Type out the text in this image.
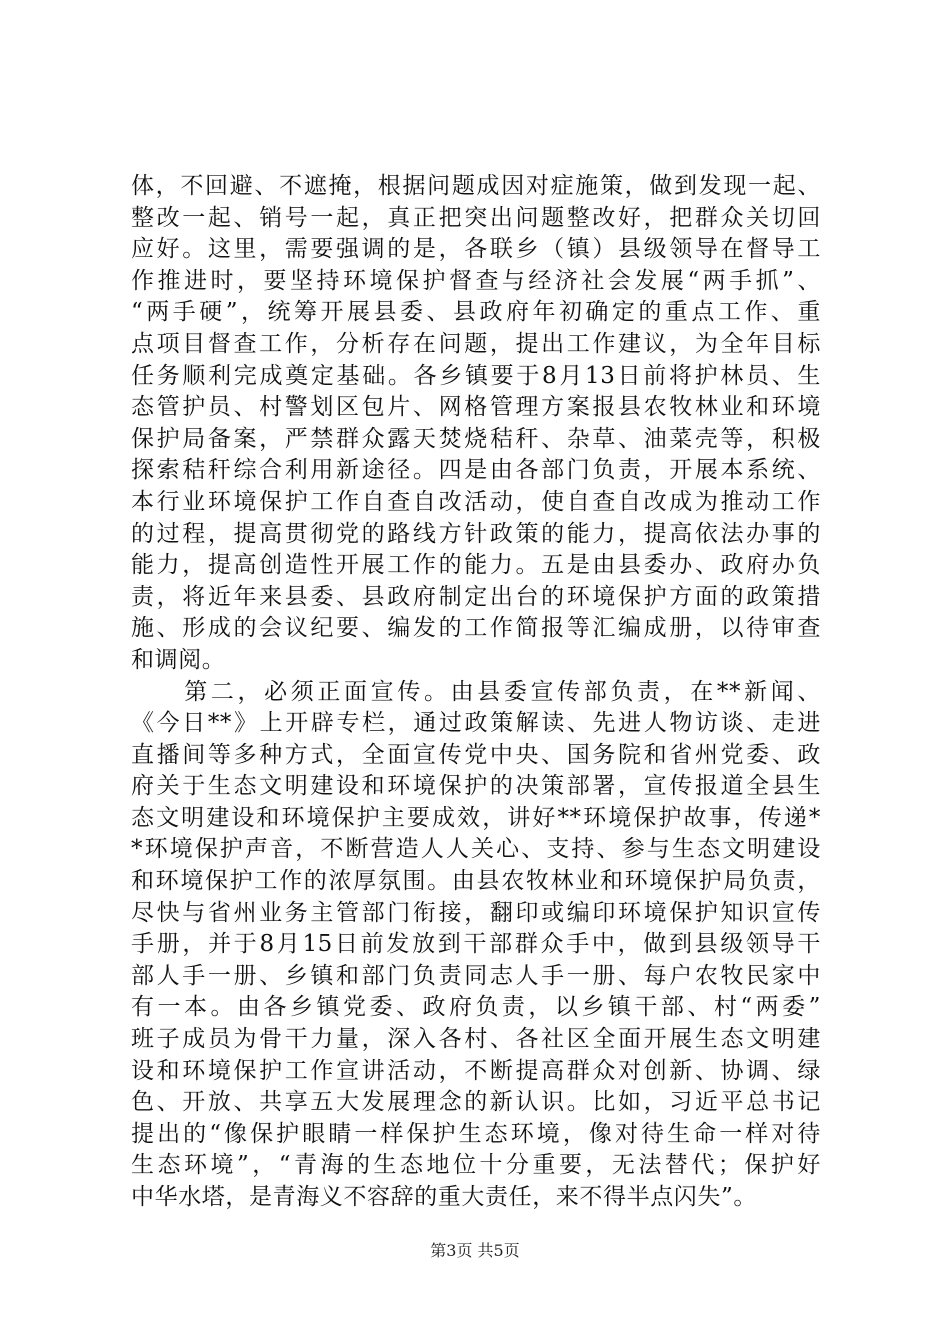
体，不回避、不遮掩，根据问题成因对症施策，做到发现一起、
整改一起、销号一起，真正把突出问题整改好，把群众关切回
应好。这里，需要强调的是，各联乡（镇）县级领导在督导工
作推进时，要坚持环境保护督查与经济社会发展“两手抓”、
“两手硬”，统筹开展县委、县政府年初确定的重点工作、重
点项目督查工作，分析存在问题，提出工作建议，为全年目标
任务顺利完成奠定基础。各乡镇要于8月13日前将护林员、生
态管护员、村警划区包片、网格管理方案报县农牧林业和环境
保护局备案，严禁群众露天焚烧秸秆、杂草、油菜壳等，积极
探索秸秆综合利用新途径。四是由各部门负责，开展本系统、
本行业环境保护工作自查自改活动，使自查自改成为推动工作
的过程，提高贯彻党的路线方针政策的能力，提高依法办事的
能力，提高创造性开展工作的能力。五是由县委办、政府办负
责，将近年来县委、县政府制定出台的环境保护方面的政策措
施、形成的会议纪要、编发的工作简报等汇编成册，以待审查
和调阅。
　　第二，必须正面宣传。由县委宣传部负责，在**新闻、
《今日**》上开辟专栏，通过政策解读、先进人物访谈、走进
直播间等多种方式，全面宣传党中央、国务院和省州党委、政
府关于生态文明建设和环境保护的决策部署，宣传报道全县生
态文明建设和环境保护主要成效，讲好**环境保护故事，传递*
*环境保护声音，不断营造人人关心、支持、参与生态文明建设
和环境保护工作的浓厚氛围。由县农牧林业和环境保护局负责，
尽快与省州业务主管部门衔接，翻印或编印环境保护知识宣传
手册，并于8月15日前发放到干部群众手中，做到县级领导干
部人手一册、乡镇和部门负责同志人手一册、每户农牧民家中
有一本。由各乡镇党委、政府负责，以乡镇干部、村“两委”
班子成员为骨干力量，深入各村、各社区全面开展生态文明建
设和环境保护工作宣讲活动，不断提高群众对创新、协调、绿
色、开放、共享五大发展理念的新认识。比如，习近平总书记
提出的“像保护眼睛一样保护生态环境，像对待生命一样对待
生态环境”，“青海的生态地位十分重要，无法替代；保护好
中华水塔，是青海义不容辞的重大责任，来不得半点闪失”。
第3页 共5页
